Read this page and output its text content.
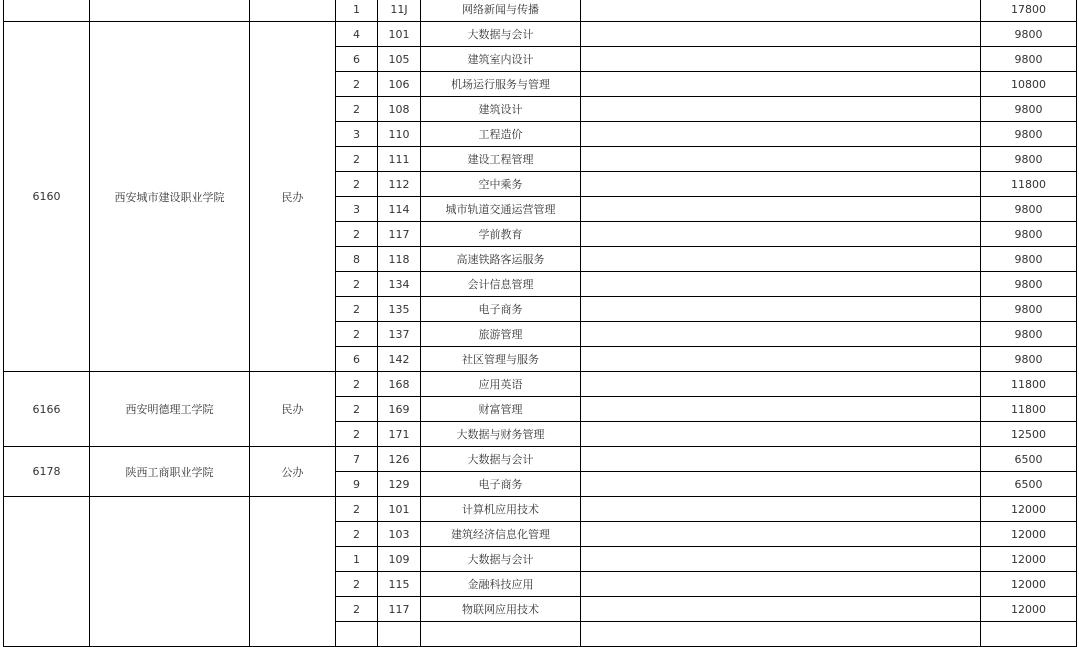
			1	11J	网络新闻与传播		17800
6160	西安城市建设职业学院	民办	4	101	大数据与会计		9800
			6	105	建筑室内设计		9800
			2	106	机场运行服务与管理		10800
			2	108	建筑设计		9800
			3	110	工程造价		9800
			2	111	建设工程管理		9800
			2	112	空中乘务		11800
			3	114	城市轨道交通运营管理		9800
			2	117	学前教育		9800
			8	118	高速铁路客运服务		9800
			2	134	会计信息管理		9800
			2	135	电子商务		9800
			2	137	旅游管理		9800
			6	142	社区管理与服务		9800
6166	西安明德理工学院	民办	2	168	应用英语		11800
			2	169	财富管理		11800
			2	171	大数据与财务管理		12500
6178	陕西工商职业学院	公办	7	126	大数据与会计		6500
			9	129	电子商务		6500
			2	101	计算机应用技术		12000
			2	103	建筑经济信息化管理		12000
			1	109	大数据与会计		12000
			2	115	金融科技应用		12000
			2	117	物联网应用技术		12000
